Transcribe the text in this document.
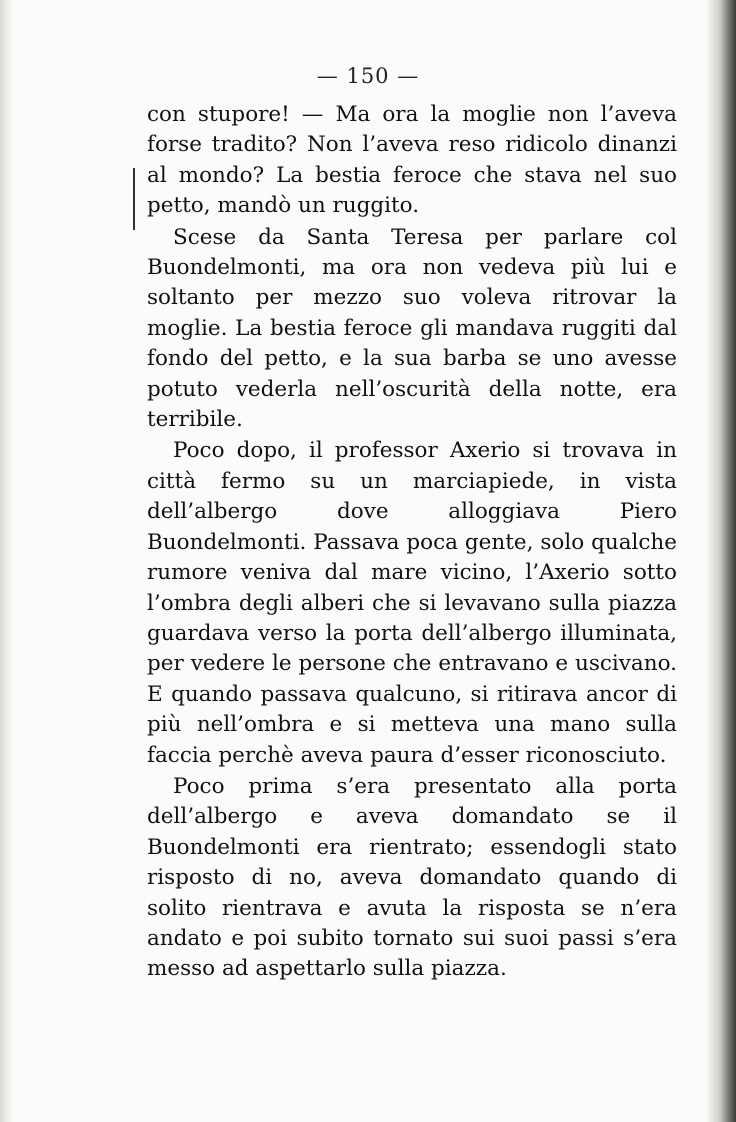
— 150 —

con stupore! — Ma ora la moglie non l’aveva forse tradito? Non l’aveva reso ridicolo dinanzi al mondo? La bestia feroce che stava nel suo petto, mandò un ruggito.

Scese da Santa Teresa per parlare col Buondelmonti, ma ora non vedeva più lui e soltanto per mezzo suo voleva ritrovar la moglie. La bestia feroce gli mandava ruggiti dal fondo del petto, e la sua barba se uno avesse potuto vederla nell’oscurità della notte, era terribile.

Poco dopo, il professor Axerio si trovava in città fermo su un marciapiede, in vista dell’albergo dove alloggiava Piero Buondelmonti. Passava poca gente, solo qualche rumore veniva dal mare vicino, l’Axerio sotto l’ombra degli alberi che si levavano sulla piazza guardava verso la porta dell’albergo illuminata, per vedere le persone che entravano e uscivano. E quando passava qualcuno, si ritirava ancor di più nell’ombra e si metteva una mano sulla faccia perchè aveva paura d’esser riconosciuto.

Poco prima s’era presentato alla porta dell’albergo e aveva domandato se il Buondelmonti era rientrato; essendogli stato risposto di no, aveva domandato quando di solito rientrava e avuta la risposta se n’era andato e poi subito tornato sui suoi passi s’era messo ad aspettarlo sulla piazza.
